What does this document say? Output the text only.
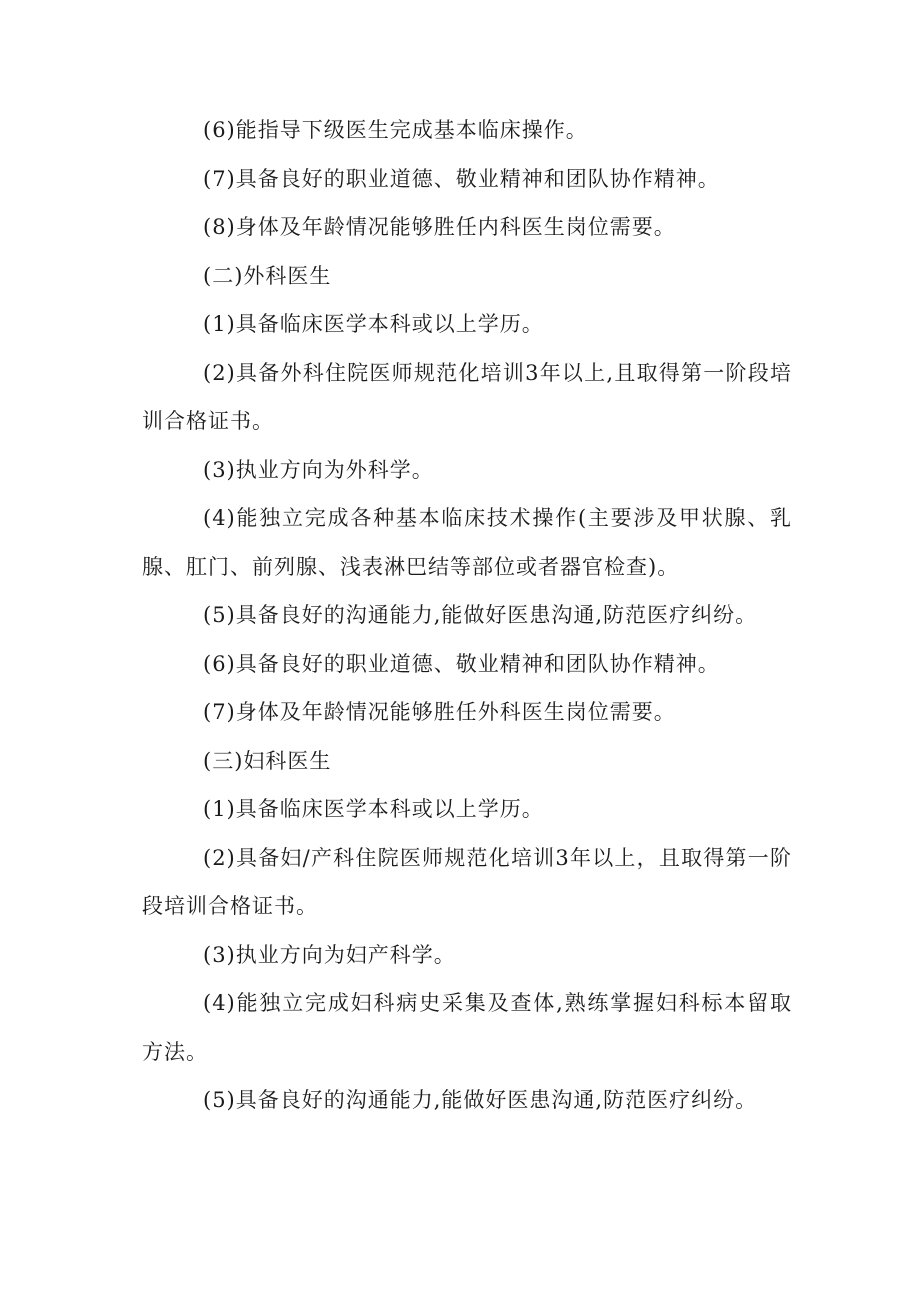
(6)能指导下级医生完成基本临床操作。

(7)具备良好的职业道德、敬业精神和团队协作精神。

(8)身体及年龄情况能够胜任内科医生岗位需要。

(二)外科医生

(1)具备临床医学本科或以上学历。

(2)具备外科住院医师规范化培训3年以上,且取得第一阶段培训合格证书。

(3)执业方向为外科学。

(4)能独立完成各种基本临床技术操作(主要涉及甲状腺、乳腺、肛门、前列腺、浅表淋巴结等部位或者器官检查)。

(5)具备良好的沟通能力,能做好医患沟通,防范医疗纠纷。

(6)具备良好的职业道德、敬业精神和团队协作精神。

(7)身体及年龄情况能够胜任外科医生岗位需要。

(三)妇科医生

(1)具备临床医学本科或以上学历。

(2)具备妇/产科住院医师规范化培训3年以上，且取得第一阶段培训合格证书。

(3)执业方向为妇产科学。

(4)能独立完成妇科病史采集及查体,熟练掌握妇科标本留取方法。

(5)具备良好的沟通能力,能做好医患沟通,防范医疗纠纷。
